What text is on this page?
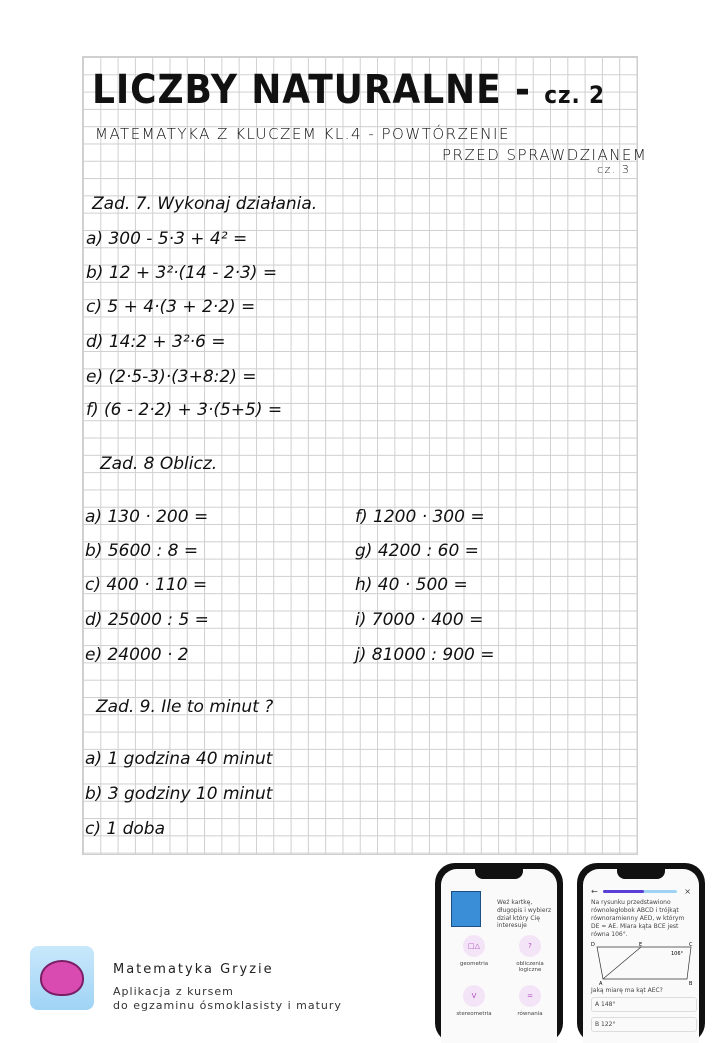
LICZBY NATURALNE - cz. 2
MATEMATYKA Z KLUCZEM KL.4 - POWTÓRZENIE
PRZED SPRAWDZIANEM
cz. 3
Zad. 7. Wykonaj działania.
a) 300 - 5·3 + 4² =
b) 12 + 3²·(14 - 2·3) =
c) 5 + 4·(3 + 2·2) =
d) 14:2 + 3²·6 =
e) (2·5-3)·(3+8:2) =
f) (6 - 2·2) + 3·(5+5) =
Zad. 8 Oblicz.
a) 130 · 200 =
b) 5600 : 8 =
c) 400 · 110 =
d) 25000 : 5 =
e) 24000 · 2
f) 1200 · 300 =
g) 4200 : 60 =
h) 40 · 500 =
i) 7000 · 400 =
j) 81000 : 900 =
Zad. 9. Ile to minut ?
a) 1 godzina 40 minut
b) 3 godziny 10 minut
c) 1 doba
Matematyka Gryzie
Aplikacja z kursem
do egzaminu ósmoklasisty i matury
Weź kartkę, długopis i wybierz dział który Cię interesuje
□△
geometria
?
obliczenia logiczne
V
stereometria
=
równania
←	×
Na rysunku przedstawiono równoległobok ABCD i trójkąt równoramienny AED, w którym DE = AE. Miara kąta BCE jest równa 106°.
D	E	C
A	B
106°
Jaką miarę ma kąt AEC?
A 148°
B 122°
